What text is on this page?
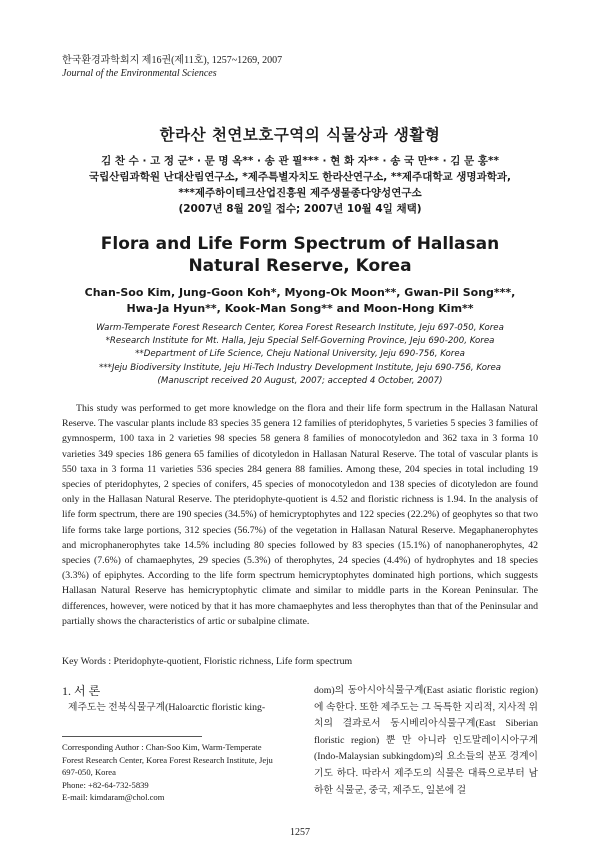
한국환경과학회지 제16권(제11호), 1257~1269, 2007
Journal of the Environmental Sciences
한라산 천연보호구역의 식물상과 생활형
김 찬 수 · 고 정 군* · 문 명 옥** · 송 관 필*** · 현 화 자** · 송 국 만** · 김 문 홍**
국립산림과학원 난대산림연구소, *제주특별자치도 한라산연구소, **제주대학교 생명과학과,
***제주하이테크산업진흥원 제주생물종다양성연구소
(2007년 8월 20일 접수; 2007년 10월 4일 채택)
Flora and Life Form Spectrum of Hallasan
Natural Reserve, Korea
Chan-Soo Kim, Jung-Goon Koh*, Myong-Ok Moon**, Gwan-Pil Song***,
Hwa-Ja Hyun**, Kook-Man Song** and Moon-Hong Kim**
Warm-Temperate Forest Research Center, Korea Forest Research Institute, Jeju 697-050, Korea
*Research Institute for Mt. Halla, Jeju Special Self-Governing Province, Jeju 690-200, Korea
**Department of Life Science, Cheju National University, Jeju 690-756, Korea
***Jeju Biodiversity Institute, Jeju Hi-Tech Industry Development Institute, Jeju 690-756, Korea
(Manuscript received 20 August, 2007; accepted 4 October, 2007)

This study was performed to get more knowledge on the flora and their life form spectrum in the Hallasan Natural Reserve. The vascular plants include 83 species 35 genera 12 families of pteridophytes, 5 varieties 5 species 3 families of gymnosperm, 100 taxa in 2 varieties 98 species 58 genera 8 families of monocotyledon and 362 taxa in 3 forma 10 varieties 349 species 186 genera 65 families of dicotyledon in Hallasan Natural Reserve. The total of vascular plants is 550 taxa in 3 forma 11 varieties 536 species 284 genera 88 families. Among these, 204 species in total including 19 species of pteridophytes, 2 species of conifers, 45 species of monocotyledon and 138 species of dicotyledon are found only in the Hallasan Natural Reserve. The pteridophyte-quotient is 4.52 and floristic richness is 1.94. In the analysis of life form spectrum, there are 190 species (34.5%) of hemicryptophytes and 122 species (22.2%) of geophytes so that two life forms take large portions, 312 species (56.7%) of the vegetation in Hallasan Natural Reserve. Megaphanerophytes and microphanerophytes take 14.5% including 80 species followed by 83 species (15.1%) of nanophanerophytes, 42 species (7.6%) of chamaephytes, 29 species (5.3%) of therophytes, 24 species (4.4%) of hydrophytes and 18 species (3.3%) of epiphytes. According to the life form spectrum hemicryptophytes dominated high portions, which suggests Hallasan Natural Reserve has hemicryptophytic climate and similar to middle parts in the Korean Peninsular. The differences, however, were noticed by that it has more chamaephytes and less therophytes than that of the Peninsular and partially shows the characteristics of artic or subalpine climate.

Key Words : Pteridophyte-quotient, Floristic richness, Life form spectrum

1. 서 론

제주도는 전북식물구계(Haloarctic floristic king-

dom)의 동아시아식물구계(East asiatic floristic region)에 속한다. 또한 제주도는 그 독특한 지리적, 지사적 위치의 결과로서 동시베리아식물구계(East Siberian floristic region) 뿐 만 아니라 인도말레이시아구계(Indo-Malaysian subkingdom)의 요소들의 분포 경계이기도 하다. 따라서 제주도의 식물은 대륙으로부터 남하한 식물군, 중국, 제주도, 일본에 걸

Corresponding Author : Chan-Soo Kim, Warm-Temperate
Forest Research Center, Korea Forest Research Institute, Jeju
697-050, Korea
Phone: +82-64-732-5839
E-mail: kimdaram@chol.com
1257
